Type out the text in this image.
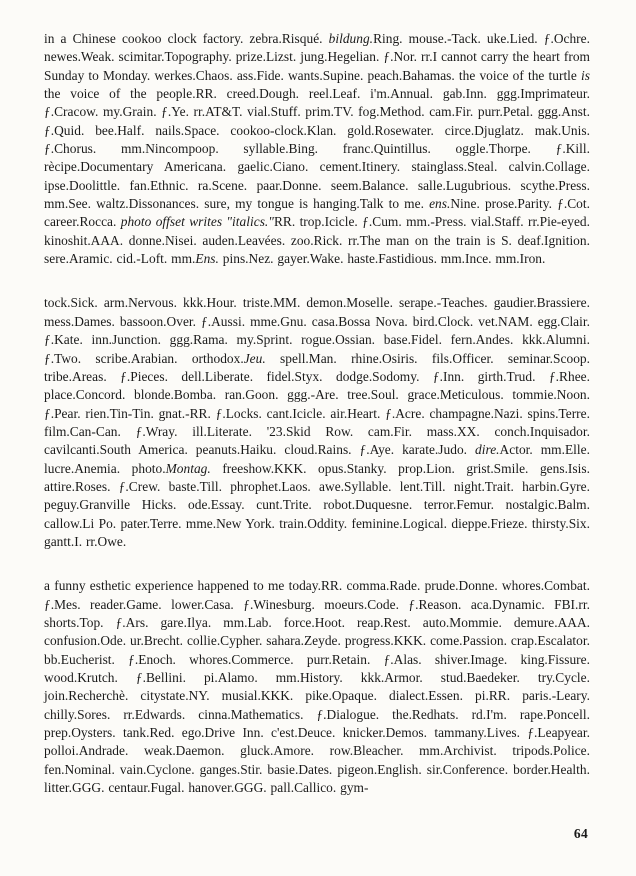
in a Chinese cookoo clock factory. zebra.Risqué. bildung.Ring. mouse.-Tack. uke.Lied. ƒ.Ochre. newes.Weak. scimitar.Topography. prize.Lizst. jung.Hegelian. ƒ.Nor. rr.I cannot carry the heart from Sunday to Monday. werkes.Chaos. ass.Fide. wants.Supine. peach.Bahamas. the voice of the turtle is the voice of the people.RR. creed.Dough. reel.Leaf. i'm.Annual. gab.Inn. ggg.Imprimateur. ƒ.Cracow. my.Grain. ƒ.Ye. rr.AT&T. vial.Stuff. prim.TV. fog.Method. cam.Fir. purr.Petal. ggg.Anst. ƒ.Quid. bee.Half. nails.Space. cookoo-clock.Klan. gold.Rosewater. circe.Djuglatz. mak.Unis. ƒ.Chorus. mm.Nincompoop. syllable.Bing. franc.Quintillus. oggle.Thorpe. ƒ.Kill. rècipe.Documentary Americana. gaelic.Ciano. cement.Itinery. stainglass.Steal. calvin.Collage. ipse.Doolittle. fan.Ethnic. ra.Scene. paar.Donne. seem.Balance. salle.Lugubrious. scythe.Press. mm.See. waltz.Dissonances. sure, my tongue is hanging.Talk to me. ens.Nine. prose.Parity. ƒ.Cot. career.Rocca. photo offset writes "italics."RR. trop.Icicle. ƒ.Cum. mm.-Press. vial.Staff. rr.Pie-eyed. kinoshit.AAA. donne.Nisei. auden.Leavées. zoo.Rick. rr.The man on the train is S. deaf.Ignition. sere.Aramic. cid.-Loft. mm.Ens. pins.Nez. gayer.Wake. haste.Fastidious. mm.Ince. mm.Iron.

tock.Sick. arm.Nervous. kkk.Hour. triste.MM. demon.Moselle. serape.-Teaches. gaudier.Brassiere. mess.Dames. bassoon.Over. ƒ.Aussi. mme.Gnu. casa.Bossa Nova. bird.Clock. vet.NAM. egg.Clair. ƒ.Kate. inn.Junction. ggg.Rama. my.Sprint. rogue.Ossian. base.Fidel. fern.Andes. kkk.Alumni. ƒ.Two. scribe.Arabian. orthodox.Jeu. spell.Man. rhine.Osiris. fils.Officer. seminar.Scoop. tribe.Areas. ƒ.Pieces. dell.Liberate. fidel.Styx. dodge.Sodomy. ƒ.Inn. girth.Trud. ƒ.Rhee. place.Concord. blonde.Bomba. ran.Goon. ggg.-Are. tree.Soul. grace.Meticulous. tommie.Noon. ƒ.Pear. rien.Tin-Tin. gnat.-RR. ƒ.Locks. cant.Icicle. air.Heart. ƒ.Acre. champagne.Nazi. spins.Terre. film.Can-Can. ƒ.Wray. ill.Literate. '23.Skid Row. cam.Fir. mass.XX. conch.Inquisador. cavilcanti.South America. peanuts.Haiku. cloud.Rains. ƒ.Aye. karate.Judo. dire.Actor. mm.Elle. lucre.Anemia. photo.Montag. freeshow.KKK. opus.Stanky. prop.Lion. grist.Smile. gens.Isis. attire.Roses. ƒ.Crew. baste.Till. phrophet.Laos. awe.Syllable. lent.Till. night.Trait. harbin.Gyre. peguy.Granville Hicks. ode.Essay. cunt.Trite. robot.Duquesne. terror.Femur. nostalgic.Balm. callow.Li Po. pater.Terre. mme.New York. train.Oddity. feminine.Logical. dieppe.Frieze. thirsty.Six. gantt.I. rr.Owe.

a funny esthetic experience happened to me today.RR. comma.Rade. prude.Donne. whores.Combat. ƒ.Mes. reader.Game. lower.Casa. ƒ.Winesburg. moeurs.Code. ƒ.Reason. aca.Dynamic. FBI.rr. shorts.Top. ƒ.Ars. gare.Ilya. mm.Lab. force.Hoot. reap.Rest. auto.Mommie. demure.AAA. confusion.Ode. ur.Brecht. collie.Cypher. sahara.Zeyde. progress.KKK. come.Passion. crap.Escalator. bb.Eucherist. ƒ.Enoch. whores.Commerce. purr.Retain. ƒ.Alas. shiver.Image. king.Fissure. wood.Krutch. ƒ.Bellini. pi.Alamo. mm.History. kkk.Armor. stud.Baedeker. try.Cycle. join.Recherchè. citystate.NY. musial.KKK. pike.Opaque. dialect.Essen. pi.RR. paris.-Leary. chilly.Sores. rr.Edwards. cinna.Mathematics. ƒ.Dialogue. the.Redhats. rd.I'm. rape.Poncell. prep.Oysters. tank.Red. ego.Drive Inn. c'est.Deuce. knicker.Demos. tammany.Lives. ƒ.Leapyear. polloi.Andrade. weak.Daemon. gluck.Amore. row.Bleacher. mm.Archivist. tripods.Police. fen.Nominal. vain.Cyclone. ganges.Stir. basie.Dates. pigeon.English. sir.Conference. border.Health. litter.GGG. centaur.Fugal. hanover.GGG. pall.Callico. gym-

64
